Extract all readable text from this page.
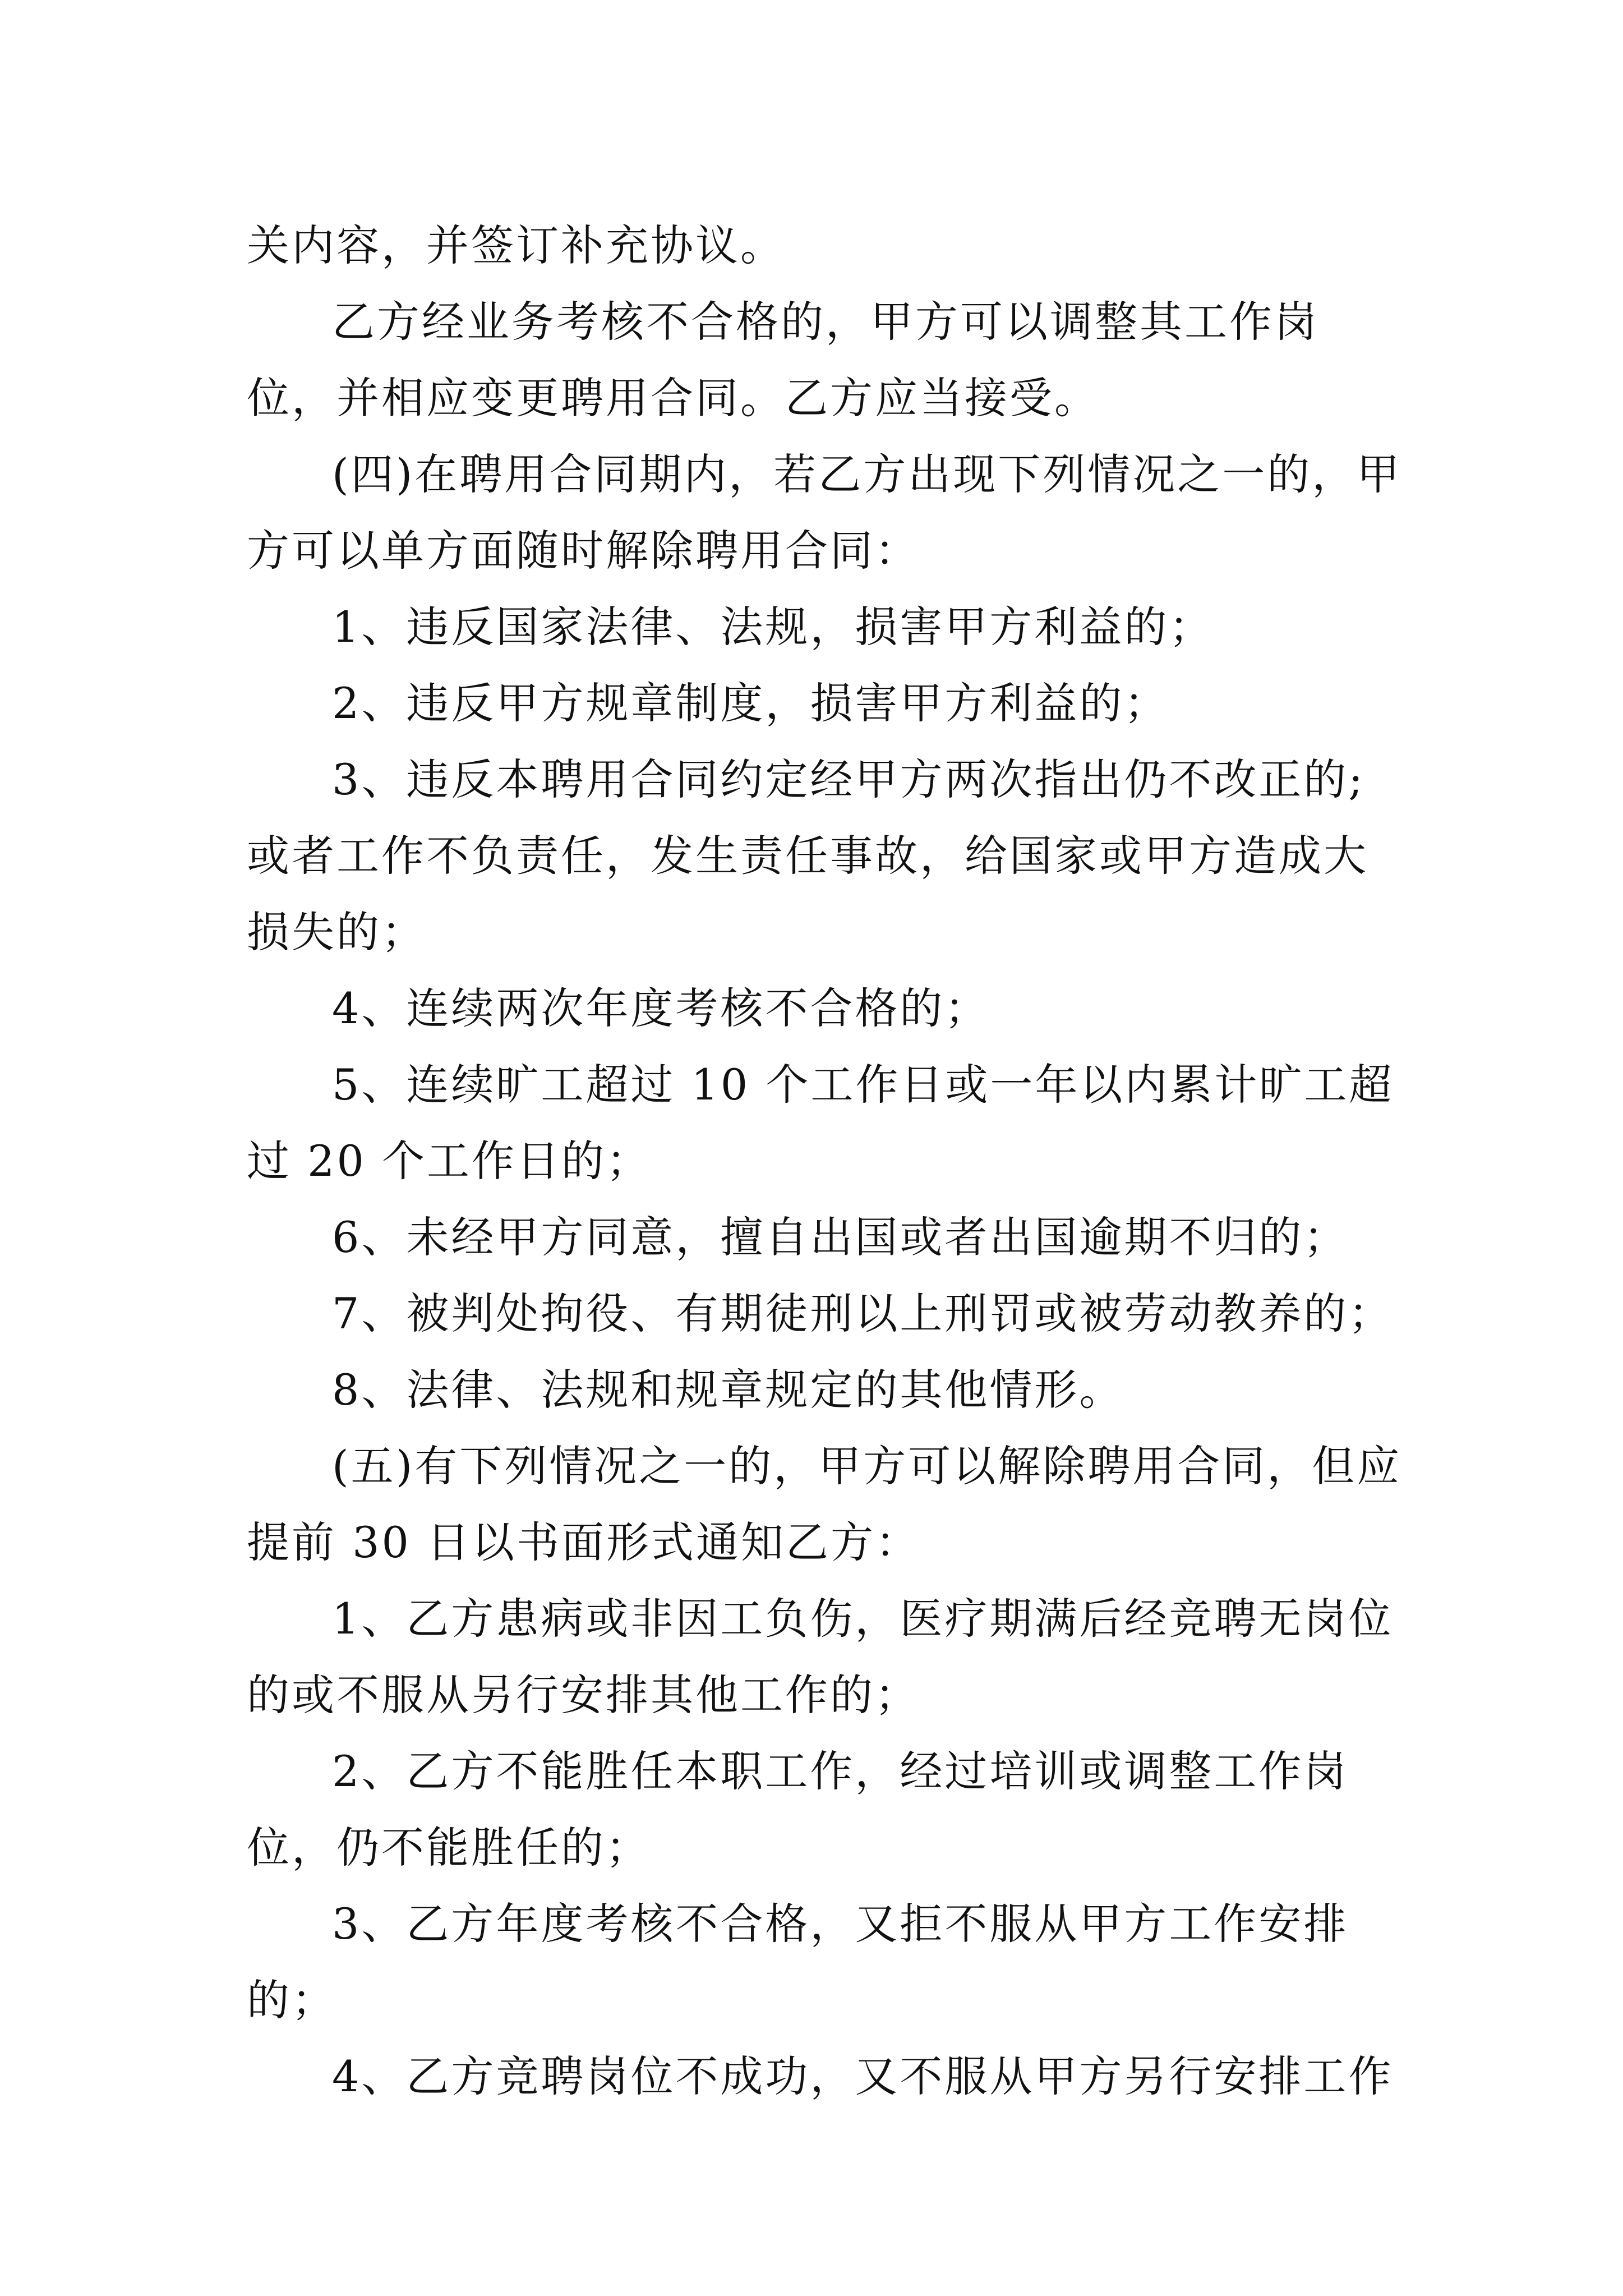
关内容，并签订补充协议。

乙方经业务考核不合格的，甲方可以调整其工作岗位，并相应变更聘用合同。乙方应当接受。

(四)在聘用合同期内，若乙方出现下列情况之一的，甲方可以单方面随时解除聘用合同：

1、违反国家法律、法规，损害甲方利益的；

2、违反甲方规章制度，损害甲方利益的；

3、违反本聘用合同约定经甲方两次指出仍不改正的;或者工作不负责任，发生责任事故，给国家或甲方造成大损失的；

4、连续两次年度考核不合格的；

5、连续旷工超过 10 个工作日或一年以内累计旷工超过 20 个工作日的；

6、未经甲方同意，擅自出国或者出国逾期不归的；

7、被判处拘役、有期徒刑以上刑罚或被劳动教养的；

8、法律、法规和规章规定的其他情形。

(五)有下列情况之一的，甲方可以解除聘用合同，但应提前 30 日以书面形式通知乙方：

1、乙方患病或非因工负伤，医疗期满后经竞聘无岗位的或不服从另行安排其他工作的；

2、乙方不能胜任本职工作，经过培训或调整工作岗位，仍不能胜任的；

3、乙方年度考核不合格，又拒不服从甲方工作安排的；

4、乙方竞聘岗位不成功，又不服从甲方另行安排工作
